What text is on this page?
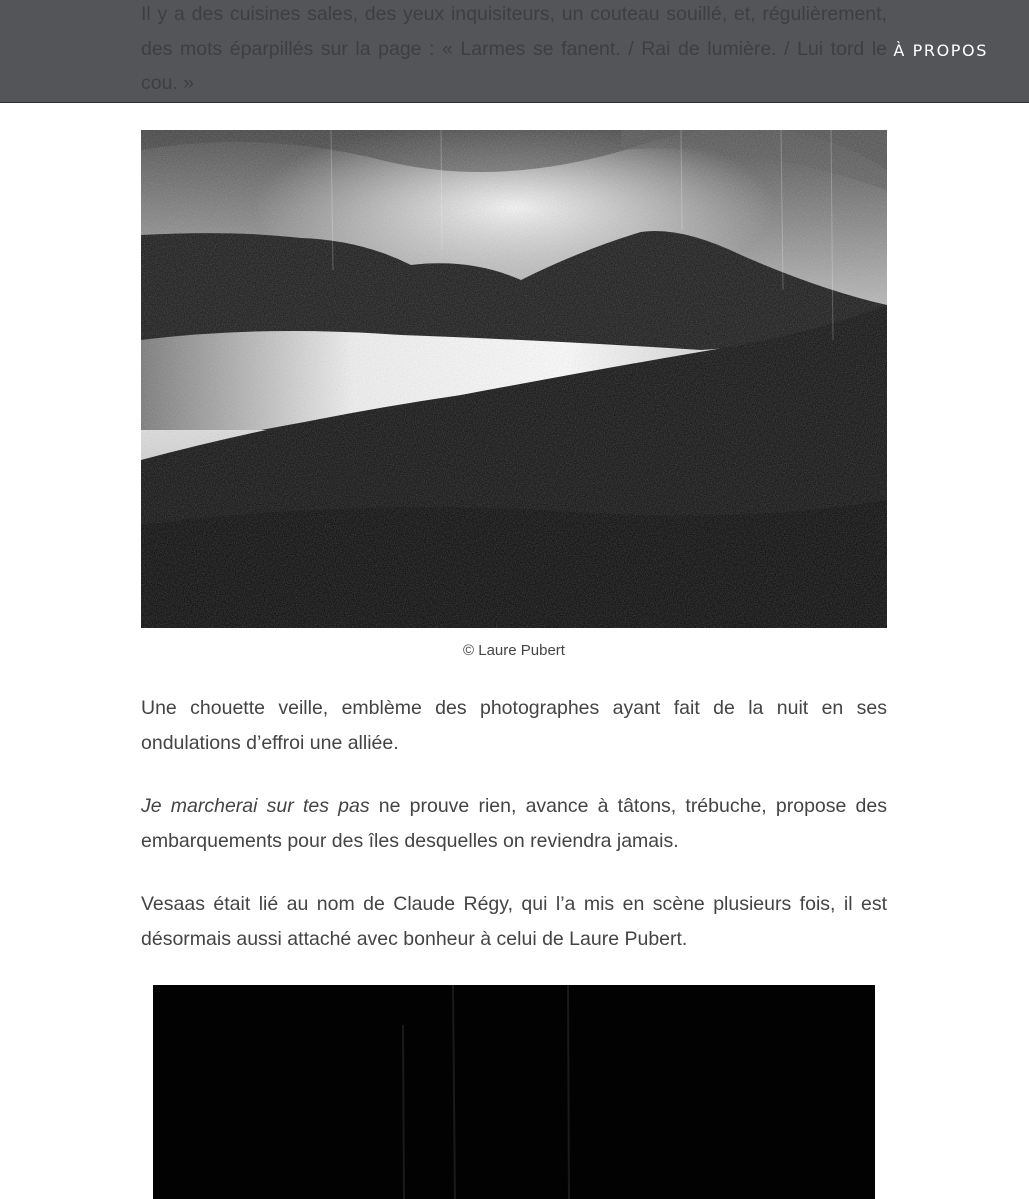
© Laure Pubert

Une chouette veille, emblème des photographes ayant fait de la nuit en ses ondulations d’effroi une alliée.

Je marcherai sur tes pas ne prouve rien, avance à tâtons, trébuche, propose des embarquements pour des îles desquelles on reviendra jamais.

Vesaas était lié au nom de Claude Régy, qui l’a mis en scène plusieurs fois, il est désormais aussi attaché avec bonheur à celui de Laure Pubert.

À PROPOS
